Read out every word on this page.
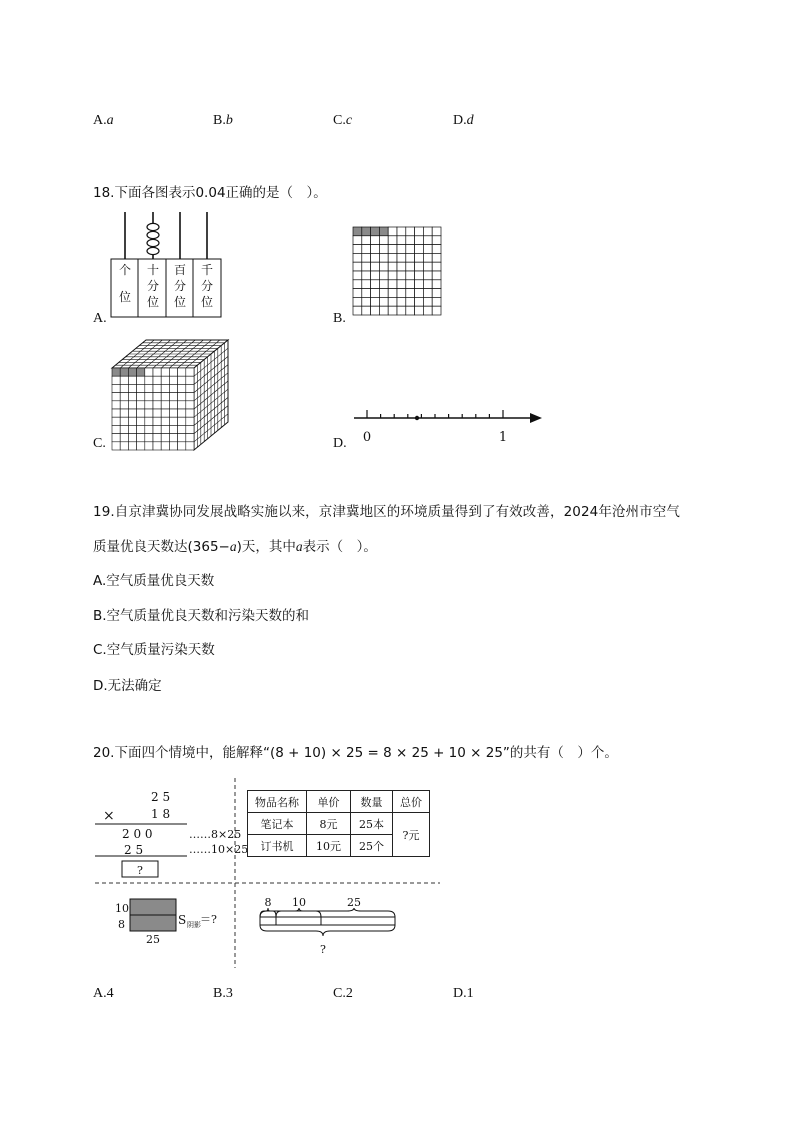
A.a	B.b	C.c	D.d
18.下面各图表示0.04正确的是（　）。
个位
十分位
百分位
千分位
A.	B.
C.	0	1
D.
19.自京津冀协同发展战略实施以来，京津冀地区的环境质量得到了有效改善，2024年沧州市空气
质量优良天数达(365−a)天，其中a表示（　）。
A.空气质量优良天数
B.空气质量优良天数和污染天数的和
C.空气质量污染天数
D.无法确定
20.下面四个情境中，能解释“(8 + 10) × 25 = 8 × 25 + 10 × 25”的共有（　）个。
2 5
×	1 8
2 0 0	……8×25
2 5	……10×25
?
物品名称	单价	数量	总价
笔记本	8元	25本	?元
订书机	10元	25个	
10
8
25
S 阴影 ＝?
8 10	25
?
A.4	B.3	C.2	D.1
